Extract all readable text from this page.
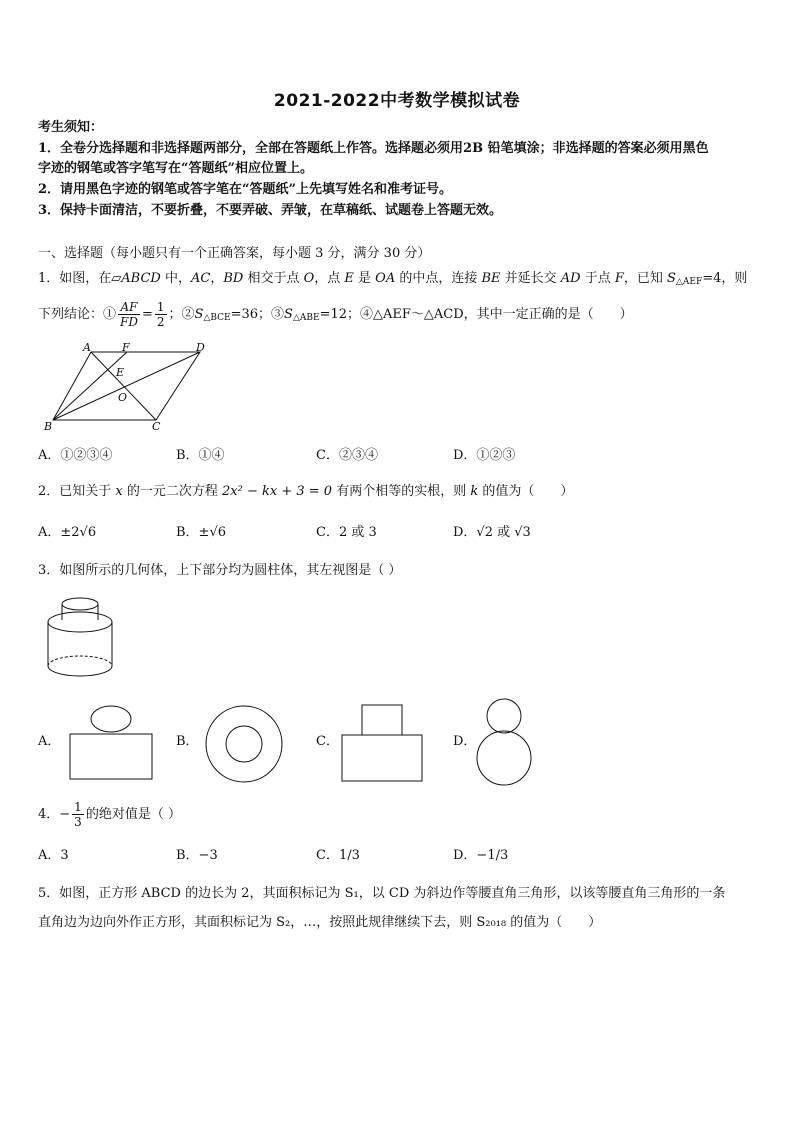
2021-2022中考数学模拟试卷
考生须知：
1．全卷分选择题和非选择题两部分，全部在答题纸上作答。选择题必须用2B 铅笔填涂；非选择题的答案必须用黑色
字迹的钢笔或答字笔写在“答题纸”相应位置上。
2．请用黑色字迹的钢笔或答字笔在“答题纸”上先填写姓名和准考证号。
3．保持卡面清洁，不要折叠，不要弄破、弄皱，在草稿纸、试题卷上答题无效。
一、选择题（每小题只有一个正确答案，每小题 3 分，满分 30 分）
1．如图，在▱ABCD 中，AC，BD 相交于点 O，点 E 是 OA 的中点，连接 BE 并延长交 AD 于点 F，已知 $S_{\triangle AEF}=4$，则
下列结论：① $\frac{AF}{FD} = \frac{1}{2}$ ；$②S_{\triangle BCE}=36$；$③S_{\triangle ABE}=12$；④△AEF～△ACD，其中一定正确的是（　　）
A	F	D
E
O
B	C
A．①②③④	B．①④	C．②③④	D．①②③
2．已知关于 x 的一元二次方程 2x² − kx + 3 = 0 有两个相等的实根，则 k 的值为（　　）
A．±2√6	B．±√6	C．2 或 3	D．√2 或 √3
3．如图所示的几何体，上下部分均为圆柱体，其左视图是（ ）
A．	B．	C．	D．
4．− $\frac{1}{3}$ 的绝对值是（ ）
A．3	B．−3	C．1/3	D．−1/3
5．如图，正方形 ABCD 的边长为 2，其面积标记为 S₁，以 CD 为斜边作等腰直角三角形，以该等腰直角三角形的一条
直角边为边向外作正方形，其面积标记为 S₂，…，按照此规律继续下去，则 S₂₀₁₈ 的值为（　　）
